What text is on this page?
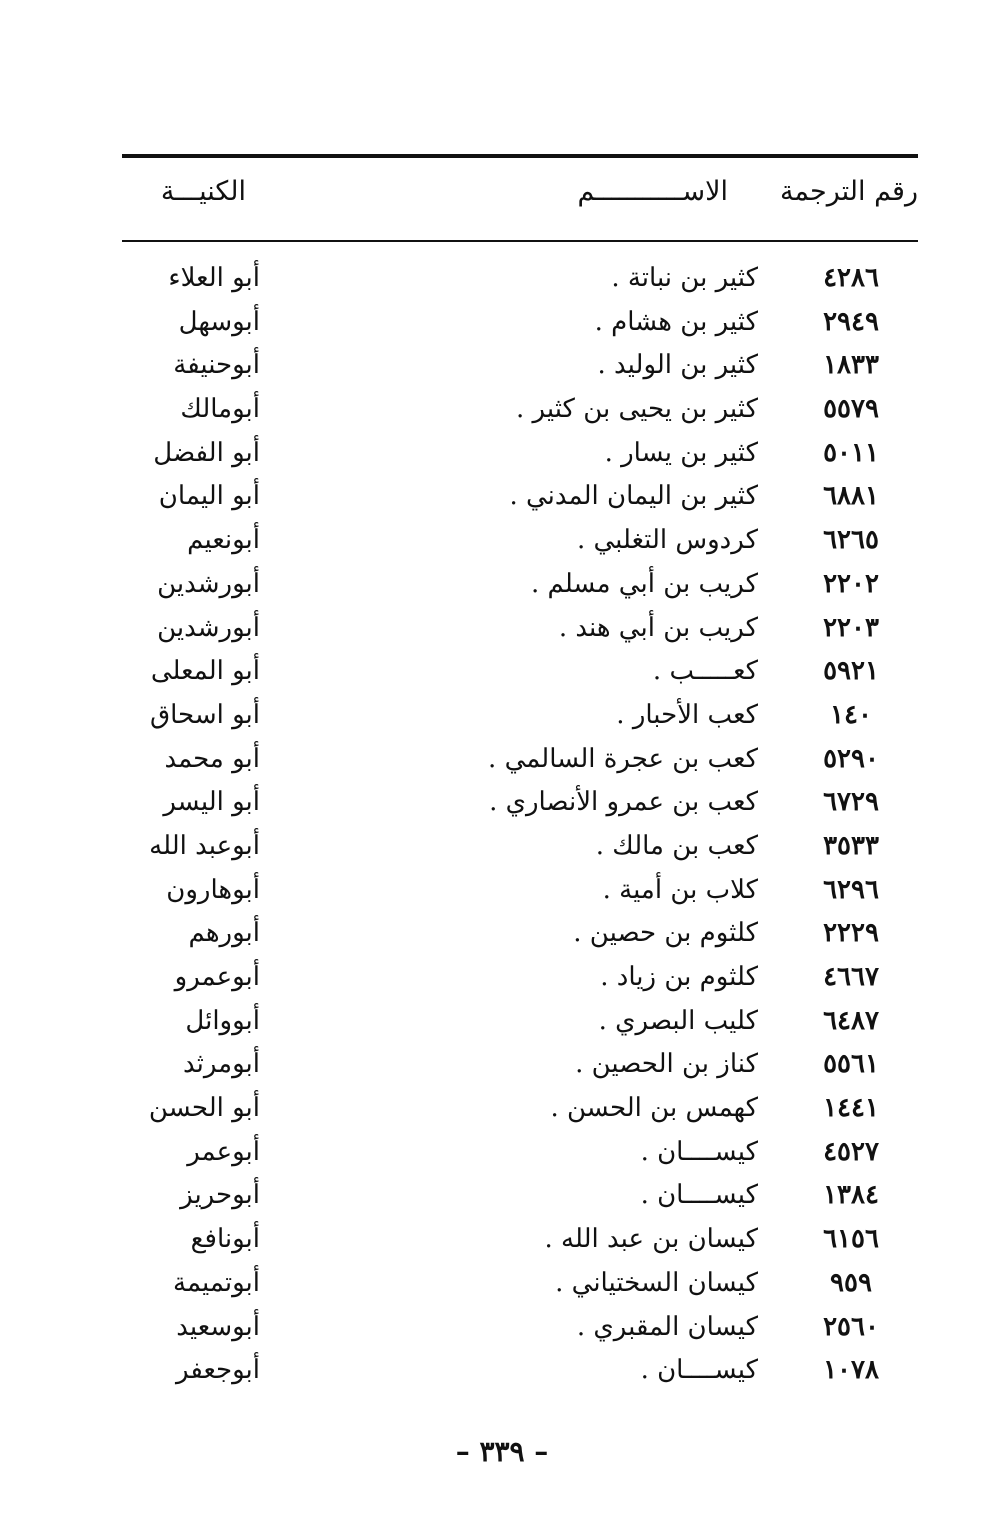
رقم الترجمة
الاســـــــــــم
الكنيـــة
٤٢٨٦
كثير بن نباتة .
أبو العلاء
٢٩٤٩
كثير بن هشام .
أبوسهل
١٨٣٣
كثير بن الوليد .
أبوحنيفة
٥٥٧٩
كثير بن يحيى بن كثير .
أبومالك
٥٠١١
كثير بن يسار .
أبو الفضل
٦٨٨١
كثير بن اليمان المدني .
أبو اليمان
٦٢٦٥
كردوس التغلبي .
أبونعيم
٢٢٠٢
كريب بن أبي مسلم .
أبورشدين
٢٢٠٣
كريب بن أبي هند .
أبورشدين
٥٩٢١
كعـــــب .
أبو المعلى
١٤٠
كعب الأحبار .
أبو اسحاق
٥٢٩٠
كعب بن عجرة السالمي .
أبو محمد
٦٧٢٩
كعب بن عمرو الأنصاري .
أبو اليسر
٣٥٣٣
كعب بن مالك .
أبوعبد الله
٦٢٩٦
كلاب بن أمية .
أبوهارون
٢٢٢٩
كلثوم بن حصين .
أبورهم
٤٦٦٧
كلثوم بن زياد .
أبوعمرو
٦٤٨٧
كليب البصري .
أبووائل
٥٥٦١
كناز بن الحصين .
أبومرثد
١٤٤١
كهمس بن الحسن .
أبو الحسن
٤٥٢٧
كيســــان .
أبوعمر
١٣٨٤
كيســــان .
أبوحريز
٦١٥٦
كيسان بن عبد الله .
أبونافع
٩٥٩
كيسان السختياني .
أبوتميمة
٢٥٦٠
كيسان المقبري .
أبوسعيد
١٠٧٨
كيســــان .
أبوجعفر
– ٣٣٩ –
